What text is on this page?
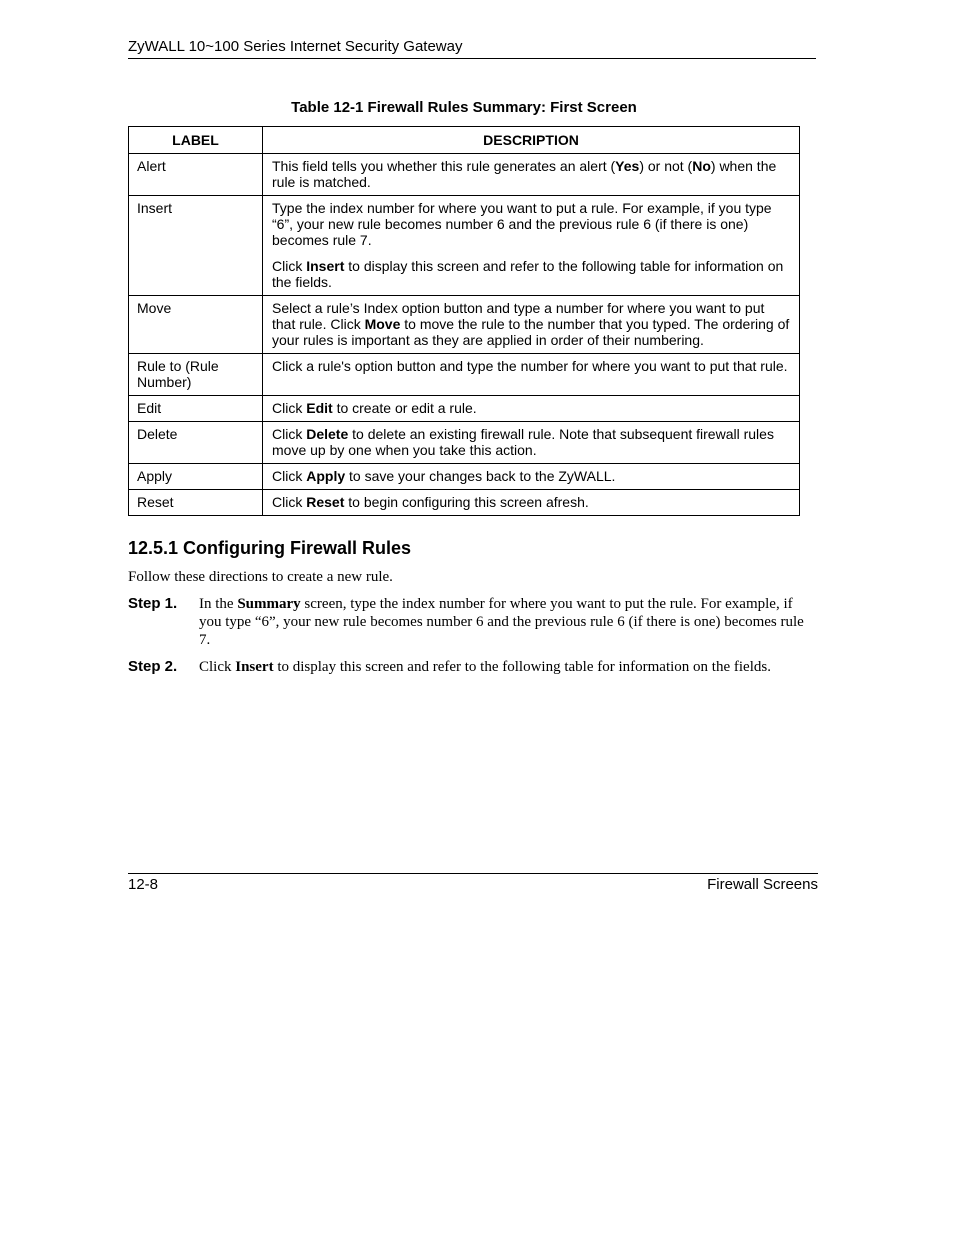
ZyWALL 10~100 Series Internet Security Gateway
Table 12-1 Firewall Rules Summary: First Screen
LABEL	DESCRIPTION
Alert	This field tells you whether this rule generates an alert (Yes) or not (No) when the rule is matched.

Insert	Type the index number for where you want to put a rule. For example, if you type “6”, your new rule becomes number 6 and the previous rule 6 (if there is one) becomes rule 7.

Click Insert to display this screen and refer to the following table for information on the fields.

Move	Select a rule’s Index option button and type a number for where you want to put that rule. Click Move to move the rule to the number that you typed. The ordering of your rules is important as they are applied in order of their numbering.

Rule to (Rule Number)	Click a rule's option button and type the number for where you want to put that rule.

Edit	Click Edit to create or edit a rule.

Delete	Click Delete to delete an existing firewall rule. Note that subsequent firewall rules move up by one when you take this action.

Apply	Click Apply to save your changes back to the ZyWALL.

Reset	Click Reset to begin configuring this screen afresh.

12.5.1 Configuring Firewall Rules
Follow these directions to create a new rule.
Step 1. In the Summary screen, type the index number for where you want to put the rule. For example, if you type “6”, your new rule becomes number 6 and the previous rule 6 (if there is one) becomes rule 7.
Step 2. Click Insert to display this screen and refer to the following table for information on the fields.
12-8	Firewall Screens
